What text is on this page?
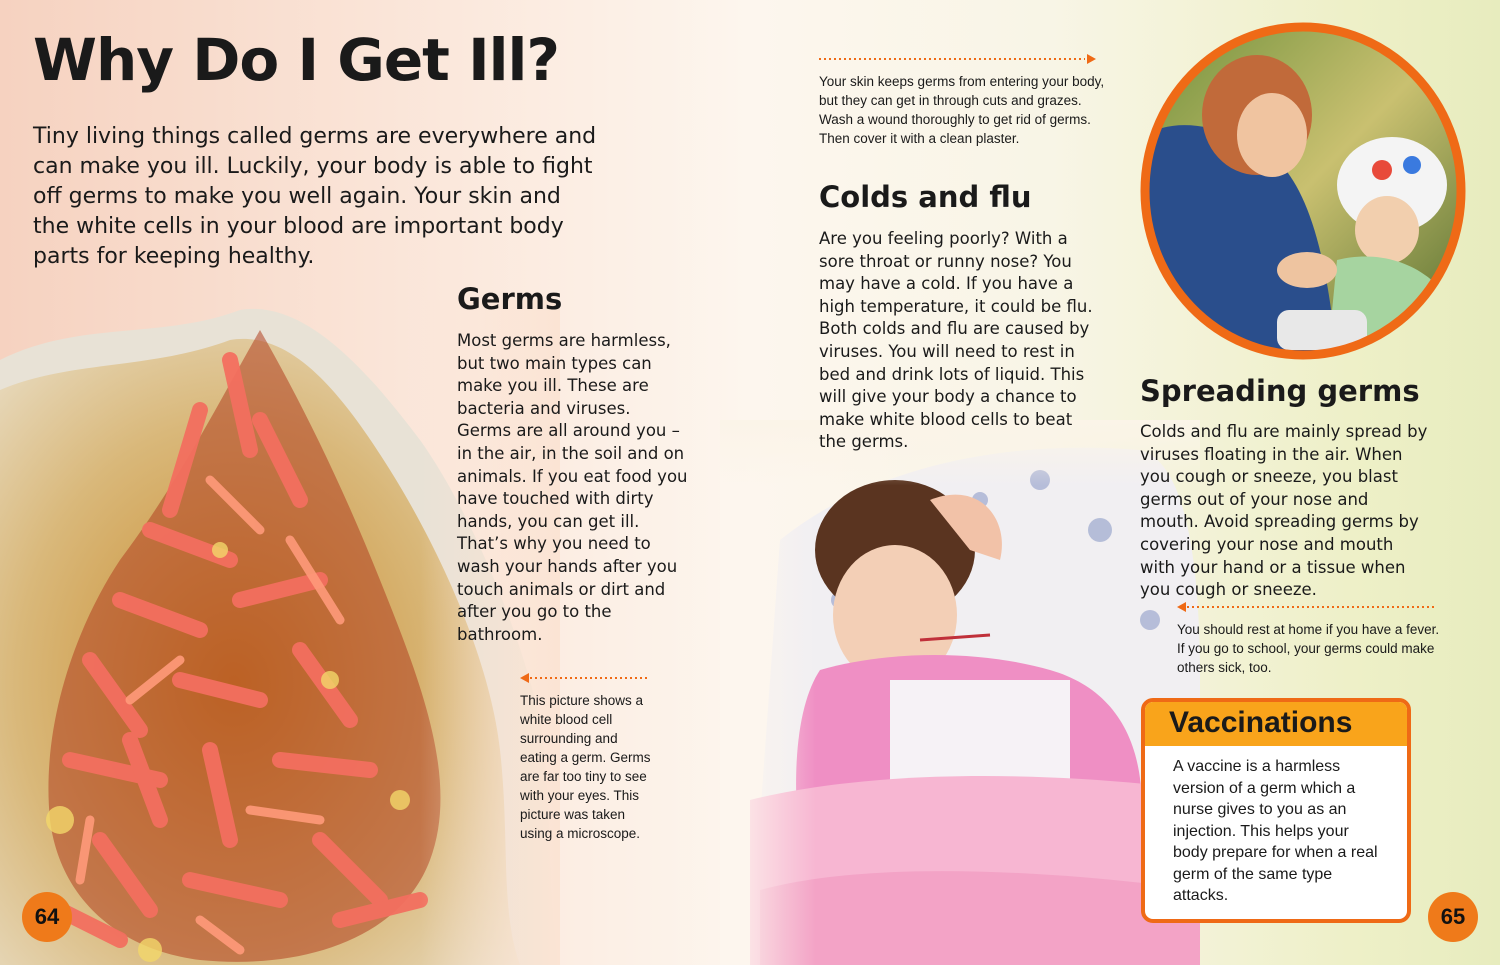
Why Do I Get Ill?
Tiny living things called germs are everywhere and can make you ill. Luckily, your body is able to fight off germs to make you well again. Your skin and the white cells in your blood are important body parts for keeping healthy.
Germs
Most germs are harmless, but two main types can make you ill. These are bacteria and viruses. Germs are all around you – in the air, in the soil and on animals. If you eat food you have touched with dirty hands, you can get ill. That’s why you need to wash your hands after you touch animals or dirt and after you go to the bathroom.
This picture shows a white blood cell surrounding and eating a germ. Germs are far too tiny to see with your eyes. This picture was taken using a microscope.
Your skin keeps germs from entering your body, but they can get in through cuts and grazes. Wash a wound thoroughly to get rid of germs. Then cover it with a clean plaster.
Colds and flu
Are you feeling poorly? With a sore throat or runny nose? You may have a cold. If you have a high temperature, it could be flu. Both colds and flu are caused by viruses. You will need to rest in bed and drink lots of liquid. This will give your body a chance to make white blood cells to beat the germs.
Spreading germs
Colds and flu are mainly spread by viruses floating in the air. When you cough or sneeze, you blast germs out of your nose and mouth. Avoid spreading germs by covering your nose and mouth with your hand or a tissue when you cough or sneeze.
You should rest at home if you have a fever. If you go to school, your germs could make others sick, too.
Vaccinations
A vaccine is a harmless version of a germ which a nurse gives to you as an injection. This helps your body prepare for when a real germ of the same type attacks.
64	65
